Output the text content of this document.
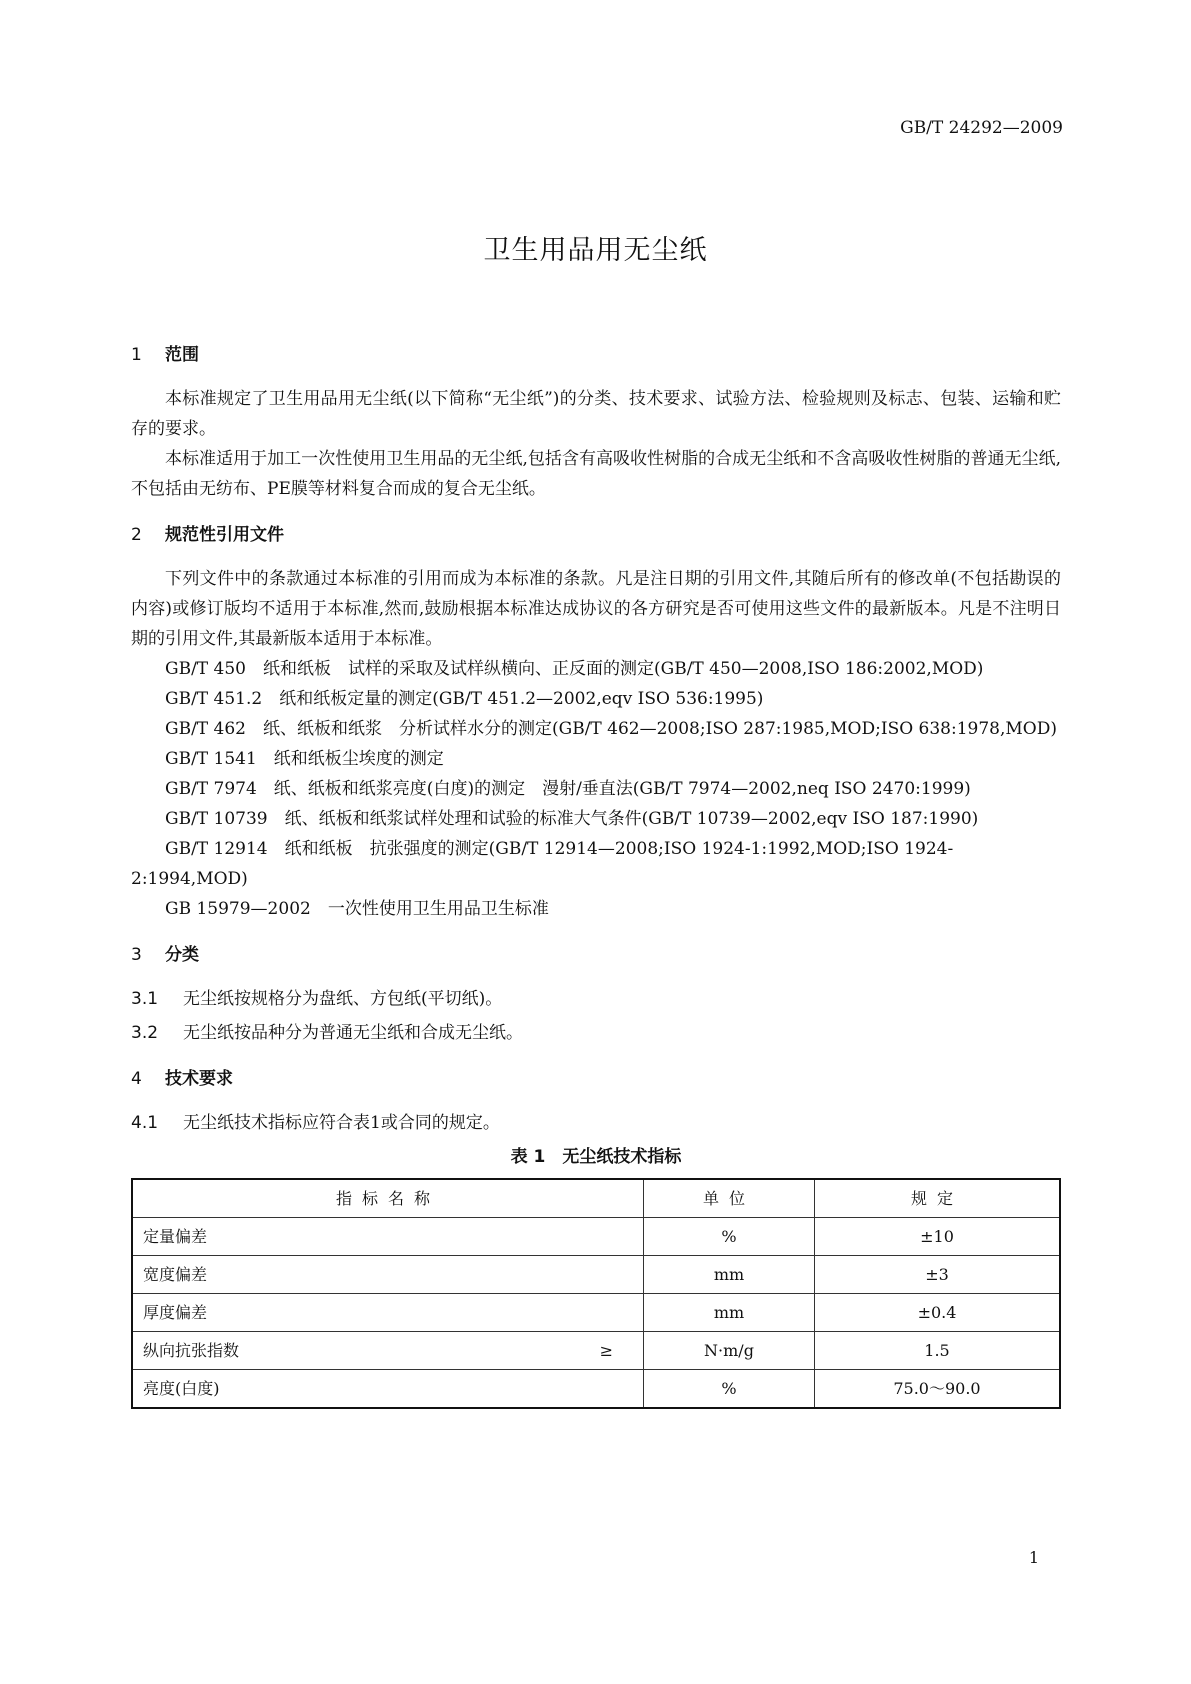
GB/T 24292—2009
卫生用品用无尘纸
1 范围
本标准规定了卫生用品用无尘纸(以下简称“无尘纸”)的分类、技术要求、试验方法、检验规则及标志、包装、运输和贮存的要求。
本标准适用于加工一次性使用卫生用品的无尘纸,包括含有高吸收性树脂的合成无尘纸和不含高吸收性树脂的普通无尘纸,不包括由无纺布、PE膜等材料复合而成的复合无尘纸。
2 规范性引用文件
下列文件中的条款通过本标准的引用而成为本标准的条款。凡是注日期的引用文件,其随后所有的修改单(不包括勘误的内容)或修订版均不适用于本标准,然而,鼓励根据本标准达成协议的各方研究是否可使用这些文件的最新版本。凡是不注明日期的引用文件,其最新版本适用于本标准。
GB/T 450　纸和纸板　试样的采取及试样纵横向、正反面的测定(GB/T 450—2008,ISO 186:2002,MOD)
GB/T 451.2　纸和纸板定量的测定(GB/T 451.2—2002,eqv ISO 536:1995)
GB/T 462　纸、纸板和纸浆　分析试样水分的测定(GB/T 462—2008;ISO 287:1985,MOD;ISO 638:1978,MOD)
GB/T 1541　纸和纸板尘埃度的测定
GB/T 7974　纸、纸板和纸浆亮度(白度)的测定　漫射/垂直法(GB/T 7974—2002,neq ISO 2470:1999)
GB/T 10739　纸、纸板和纸浆试样处理和试验的标准大气条件(GB/T 10739—2002,eqv ISO 187:1990)
GB/T 12914　纸和纸板　抗张强度的测定(GB/T 12914—2008;ISO 1924-1:1992,MOD;ISO 1924-2:1994,MOD)
GB 15979—2002　一次性使用卫生用品卫生标准
3 分类
3.1 无尘纸按规格分为盘纸、方包纸(平切纸)。
3.2 无尘纸按品种分为普通无尘纸和合成无尘纸。
4 技术要求
4.1 无尘纸技术指标应符合表1或合同的规定。
表 1　无尘纸技术指标
指标名称	单位	规定
定量偏差	%	±10
宽度偏差	mm	±3
厚度偏差	mm	±0.4
纵向抗张指数 ≥	N·m/g	1.5
亮度(白度)	%	75.0～90.0
1
